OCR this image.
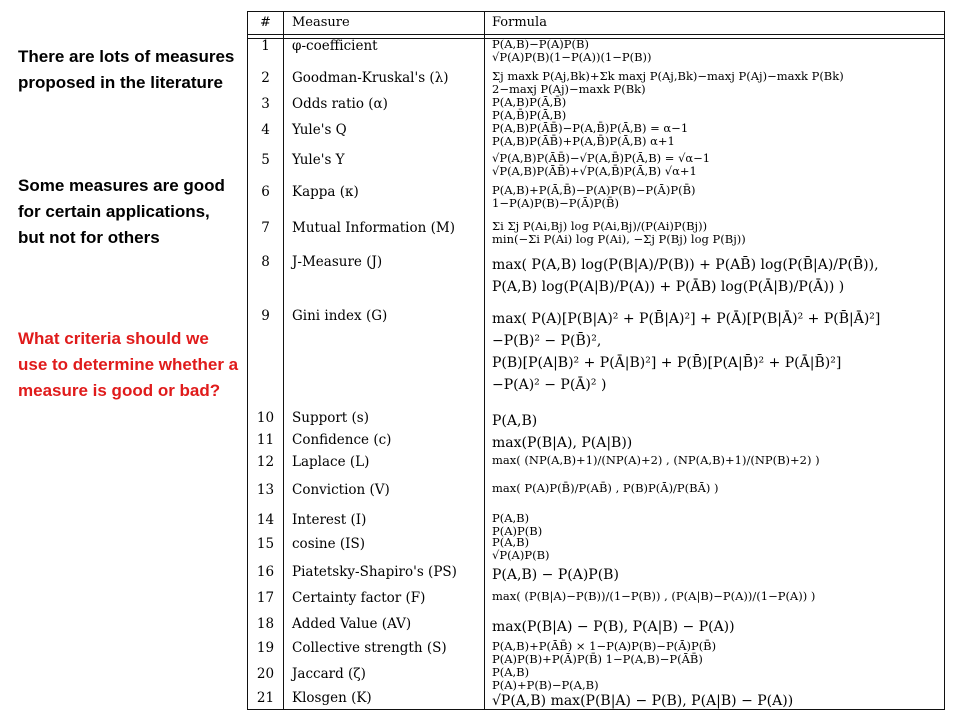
There are lots of measures proposed in the literature

Some measures are good for certain applications, but not for others

What criteria should we use to determine whether a measure is good or bad?

# Measure	Formula
1	φ-coefficient	P(A,B)−P(A)P(B)
√P(A)P(B)(1−P(A))(1−P(B))
2	Goodman-Kruskal's (λ)	Σj maxk P(Aj,Bk)+Σk maxj P(Aj,Bk)−maxj P(Aj)−maxk P(Bk)
2−maxj P(Aj)−maxk P(Bk)
3	Odds ratio (α)	P(A,B)P(Ā,B̄)
P(A,B̄)P(Ā,B)
4	Yule's Q	P(A,B)P(ĀB̄)−P(A,B̄)P(Ā,B) = α−1
P(A,B)P(ĀB̄)+P(A,B̄)P(Ā,B) α+1
5	Yule's Y	√P(A,B)P(ĀB̄)−√P(A,B̄)P(Ā,B) = √α−1
√P(A,B)P(ĀB̄)+√P(A,B̄)P(Ā,B) √α+1
6	Kappa (κ)	P(A,B)+P(Ā,B̄)−P(A)P(B)−P(Ā)P(B̄)
1−P(A)P(B)−P(Ā)P(B̄)
7	Mutual Information (M)	Σi Σj P(Ai,Bj) log P(Ai,Bj)/(P(Ai)P(Bj))
min(−Σi P(Ai) log P(Ai), −Σj P(Bj) log P(Bj))
8	J-Measure (J)	max( P(A,B) log(P(B|A)/P(B)) + P(AB̄) log(P(B̄|A)/P(B̄)),
P(A,B) log(P(A|B)/P(A)) + P(ĀB) log(P(Ā|B)/P(Ā)) )
9	Gini index (G)	max( P(A)[P(B|A)² + P(B̄|A)²] + P(Ā)[P(B|Ā)² + P(B̄|Ā)²]
−P(B)² − P(B̄)²,
P(B)[P(A|B)² + P(Ā|B)²] + P(B̄)[P(A|B̄)² + P(Ā|B̄)²]
−P(A)² − P(Ā)² )
10	Support (s)	P(A,B)
11	Confidence (c)	max(P(B|A), P(A|B))
12	Laplace (L)	max( (NP(A,B)+1)/(NP(A)+2) , (NP(A,B)+1)/(NP(B)+2) )
13	Conviction (V)	max( P(A)P(B̄)/P(AB̄) , P(B)P(Ā)/P(BĀ) )
14	Interest (I)	P(A,B)
P(A)P(B)
15	cosine (IS)	P(A,B)
√P(A)P(B)
16	Piatetsky-Shapiro's (PS)	P(A,B) − P(A)P(B)
17	Certainty factor (F)	max( (P(B|A)−P(B))/(1−P(B)) , (P(A|B)−P(A))/(1−P(A)) )
18	Added Value (AV)	max(P(B|A) − P(B), P(A|B) − P(A))
19	Collective strength (S)	P(A,B)+P(ĀB̄) × 1−P(A)P(B)−P(Ā)P(B̄)
P(A)P(B)+P(Ā)P(B̄) 1−P(A,B)−P(ĀB̄)
20	Jaccard (ζ)	P(A,B)
P(A)+P(B)−P(A,B)
21	Klosgen (K)	√P(A,B) max(P(B|A) − P(B), P(A|B) − P(A))
